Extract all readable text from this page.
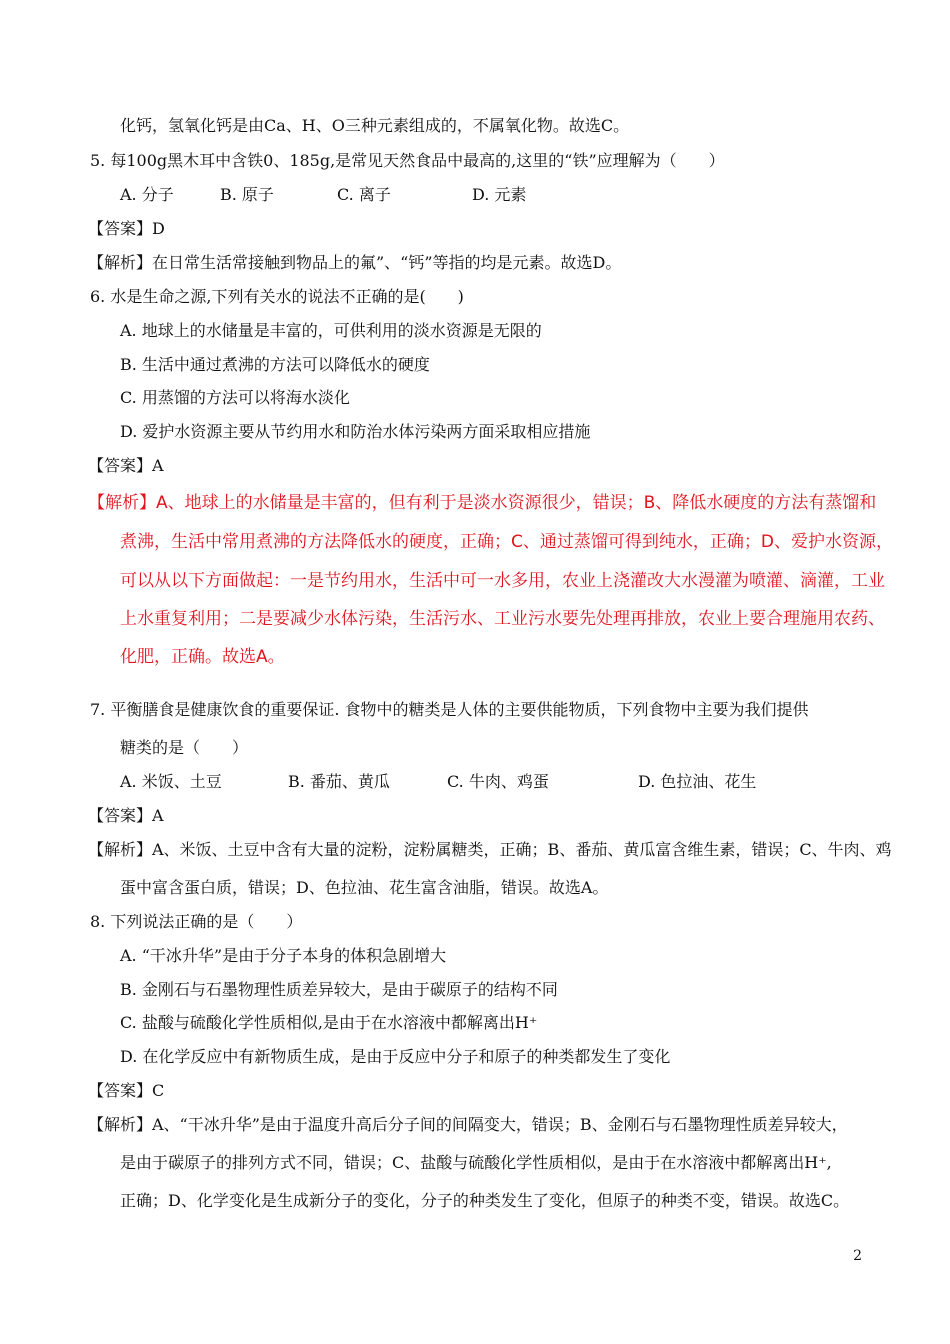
化钙，氢氧化钙是由Ca、H、O三种元素组成的，不属氧化物。故选C。
5. 每100g黑木耳中含铁0、185g,是常见天然食品中最高的,这里的“铁”应理解为（　　）
A. 分子	B. 原子	C. 离子	D. 元素
【答案】D
【解析】在日常生活常接触到物品上的氟”、“钙”等指的均是元素。故选D。
6. 水是生命之源,下列有关水的说法不正确的是(　　)
A. 地球上的水储量是丰富的，可供利用的淡水资源是无限的
B. 生活中通过煮沸的方法可以降低水的硬度
C. 用蒸馏的方法可以将海水淡化
D. 爱护水资源主要从节约用水和防治水体污染两方面采取相应措施
【答案】A
【解析】A、地球上的水储量是丰富的，但有利于是淡水资源很少，错误；B、降低水硬度的方法有蒸馏和
煮沸，生活中常用煮沸的方法降低水的硬度，正确；C、通过蒸馏可得到纯水，正确；D、爱护水资源，
可以从以下方面做起：一是节约用水，生活中可一水多用，农业上浇灌改大水漫灌为喷灌、滴灌，工业
上水重复利用；二是要减少水体污染，生活污水、工业污水要先处理再排放，农业上要合理施用农药、
化肥，正确。故选A。
7. 平衡膳食是健康饮食的重要保证. 食物中的糖类是人体的主要供能物质，下列食物中主要为我们提供
糖类的是（　　）
A. 米饭、土豆	B. 番茄、黄瓜	C. 牛肉、鸡蛋	D. 色拉油、花生
【答案】A
【解析】A、米饭、土豆中含有大量的淀粉，淀粉属糖类，正确；B、番茄、黄瓜富含维生素，错误；C、牛肉、鸡
蛋中富含蛋白质，错误；D、色拉油、花生富含油脂，错误。故选A。
8. 下列说法正确的是（　　）
A. “干冰升华”是由于分子本身的体积急剧增大
B. 金刚石与石墨物理性质差异较大，是由于碳原子的结构不同
C. 盐酸与硫酸化学性质相似,是由于在水溶液中都解离出H⁺
D. 在化学反应中有新物质生成，是由于反应中分子和原子的种类都发生了变化
【答案】C
【解析】A、“干冰升华”是由于温度升高后分子间的间隔变大，错误；B、金刚石与石墨物理性质差异较大，
是由于碳原子的排列方式不同，错误；C、盐酸与硫酸化学性质相似，是由于在水溶液中都解离出H⁺,
正确；D、化学变化是生成新分子的变化，分子的种类发生了变化，但原子的种类不变，错误。故选C。
2
